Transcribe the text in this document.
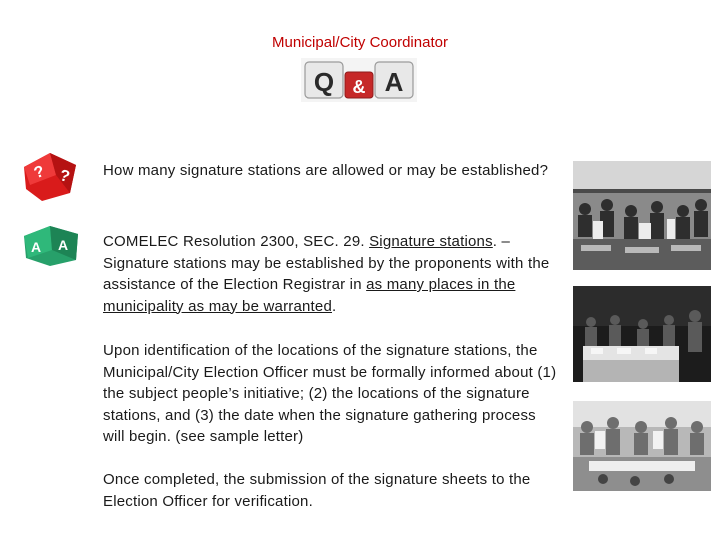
Municipal/City Coordinator
Q & A
? ?
A A
How many signature stations are allowed or may be established?
COMELEC Resolution 2300, SEC. 29. Signature stations. – Signature stations may be established by the proponents with the assistance of the Election Registrar in as many places in the municipality as may be warranted.
Upon identification of the locations of the signature stations, the Municipal/City Election Officer must be formally informed about (1) the subject people’s initiative; (2) the locations of the signature stations, and (3) the date when the signature gathering process will begin. (see sample letter)
Once completed, the submission of the signature sheets to the Election Officer for verification.
